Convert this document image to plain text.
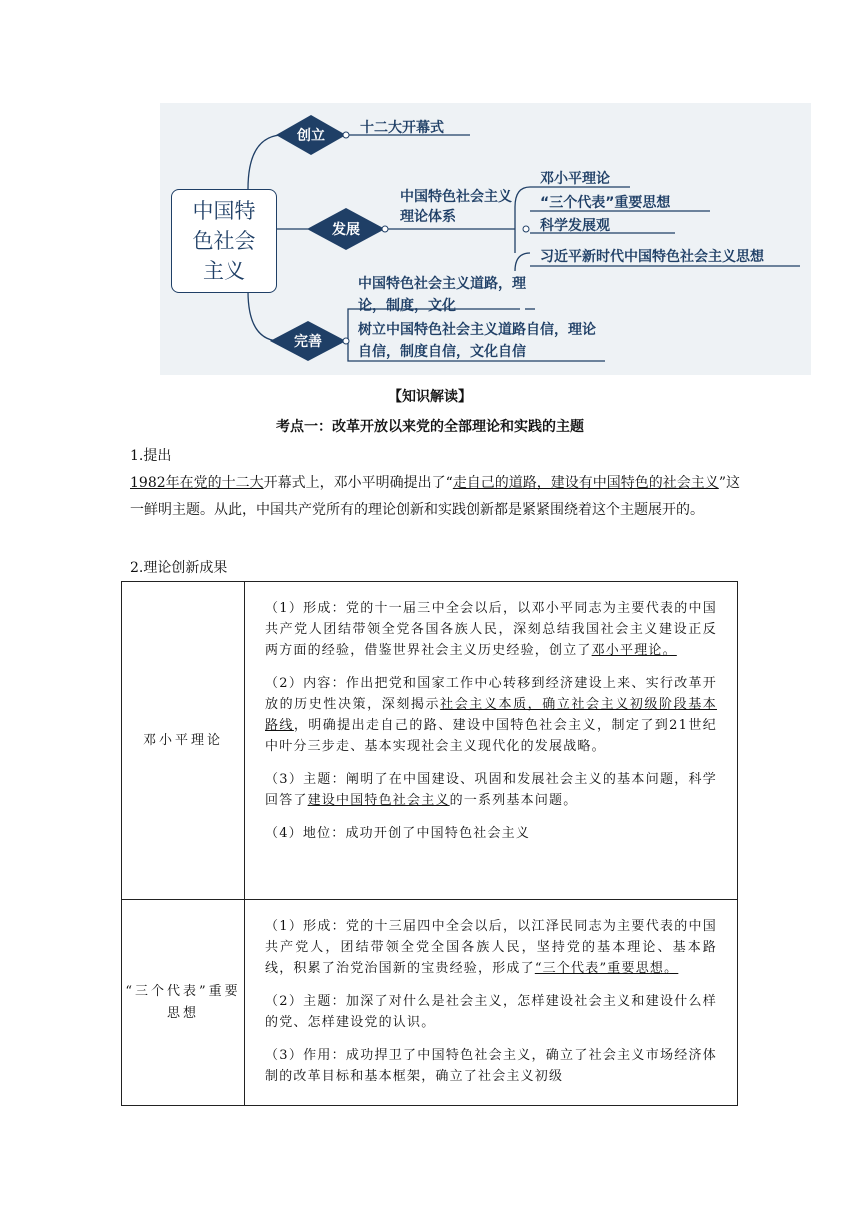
中国特色社会主义
创立
发展
完善
十二大开幕式
中国特色社会主义理论体系
邓小平理论
“三个代表”重要思想
科学发展观
习近平新时代中国特色社会主义思想
中国特色社会主义道路，理论，制度，文化
树立中国特色社会主义道路自信，理论自信，制度自信，文化自信
【知识解读】
考点一：改革开放以来党的全部理论和实践的主题
1.提出
1982年在党的十二大开幕式上，邓小平明确提出了“走自己的道路，建设有中国特色的社会主义”这一鲜明主题。从此，中国共产党所有的理论创新和实践创新都是紧紧围绕着这个主题展开的。
2.理论创新成果
邓小平理论	（1）形成：党的十一届三中全会以后，以邓小平同志为主要代表的中国共产党人团结带领全党各国各族人民，深刻总结我国社会主义建设正反两方面的经验，借鉴世界社会主义历史经验，创立了邓小平理论。

（2）内容：作出把党和国家工作中心转移到经济建设上来、实行改革开放的历史性决策，深刻揭示社会主义本质，确立社会主义初级阶段基本路线，明确提出走自己的路、建设中国特色社会主义，制定了到21世纪中叶分三步走、基本实现社会主义现代化的发展战略。

（3）主题：阐明了在中国建设、巩固和发展社会主义的基本问题，科学回答了建设中国特色社会主义的一系列基本问题。

（4）地位：成功开创了中国特色社会主义

“三个代表”重要思想	（1）形成：党的十三届四中全会以后，以江泽民同志为主要代表的中国共产党人，团结带领全党全国各族人民，坚持党的基本理论、基本路线，积累了治党治国新的宝贵经验，形成了“三个代表”重要思想。

（2）主题：加深了对什么是社会主义，怎样建设社会主义和建设什么样的党、怎样建设党的认识。

（3）作用：成功捍卫了中国特色社会主义，确立了社会主义市场经济体制的改革目标和基本框架，确立了社会主义初级
